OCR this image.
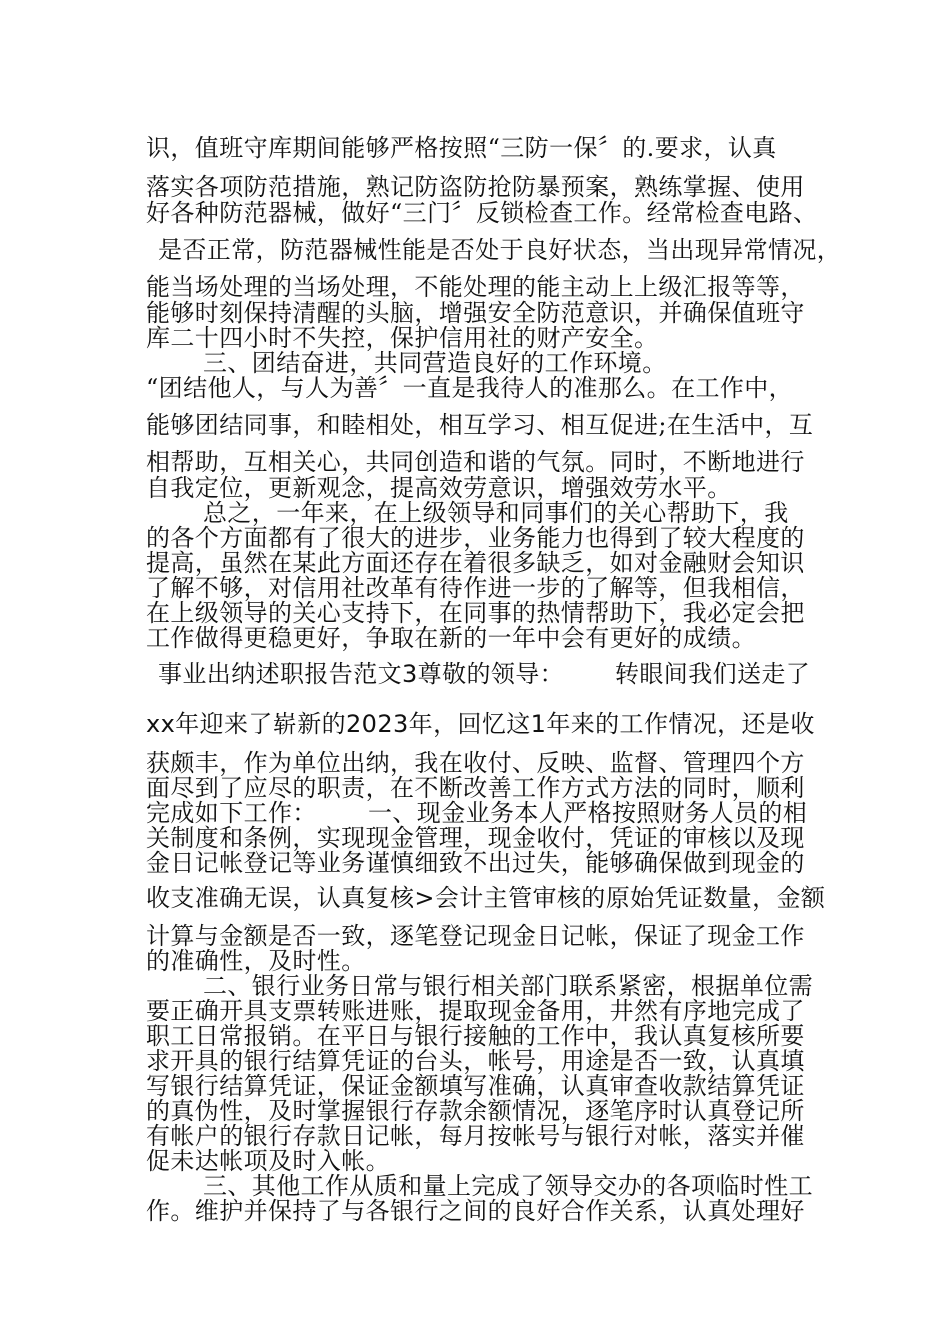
识，值班守库期间能够严格按照“三防一保〞的.要求，认真
落实各项防范措施，熟记防盗防抢防暴预案，熟练掌握、使用
好各种防范器械，做好“三门〞反锁检查工作。经常检查电路、
是否正常，防范器械性能是否处于良好状态，当出现异常情况，
能当场处理的当场处理，不能处理的能主动上上级汇报等等，
能够时刻保持清醒的头脑，增强安全防范意识，并确保值班守
库二十四小时不失控，保护信用社的财产安全。
三、团结奋进，共同营造良好的工作环境。
“团结他人，与人为善〞一直是我待人的准那么。在工作中，
能够团结同事，和睦相处，相互学习、相互促进;在生活中，互
相帮助，互相关心，共同创造和谐的气氛。同时，不断地进行
自我定位，更新观念，提高效劳意识，增强效劳水平。
总之，一年来，在上级领导和同事们的关心帮助下，我
的各个方面都有了很大的进步，业务能力也得到了较大程度的
提高，虽然在某此方面还存在着很多缺乏，如对金融财会知识
了解不够，对信用社改革有待作进一步的了解等，但我相信，
在上级领导的关心支持下，在同事的热情帮助下，我必定会把
工作做得更稳更好，争取在新的一年中会有更好的成绩。
事业出纳述职报告范文3尊敬的领导： 转眼间我们送走了
xx年迎来了崭新的2023年，回忆这1年来的工作情况，还是收
获颇丰，作为单位出纳，我在收付、反映、监督、管理四个方
面尽到了应尽的职责，在不断改善工作方式方法的同时，顺利
完成如下工作： 一、现金业务本人严格按照财务人员的相
关制度和条例，实现现金管理，现金收付，凭证的审核以及现
金日记帐登记等业务谨慎细致不出过失，能够确保做到现金的
收支准确无误，认真复核>会计主管审核的原始凭证数量，金额
计算与金额是否一致，逐笔登记现金日记帐，保证了现金工作
的准确性，及时性。
二、银行业务日常与银行相关部门联系紧密，根据单位需
要正确开具支票转账进账，提取现金备用，井然有序地完成了
职工日常报销。在平日与银行接触的工作中，我认真复核所要
求开具的银行结算凭证的台头，帐号，用途是否一致，认真填
写银行结算凭证，保证金额填写准确，认真审查收款结算凭证
的真伪性，及时掌握银行存款余额情况，逐笔序时认真登记所
有帐户的银行存款日记帐，每月按帐号与银行对帐，落实并催
促未达帐项及时入帐。
三、其他工作从质和量上完成了领导交办的各项临时性工
作。维护并保持了与各银行之间的良好合作关系，认真处理好
